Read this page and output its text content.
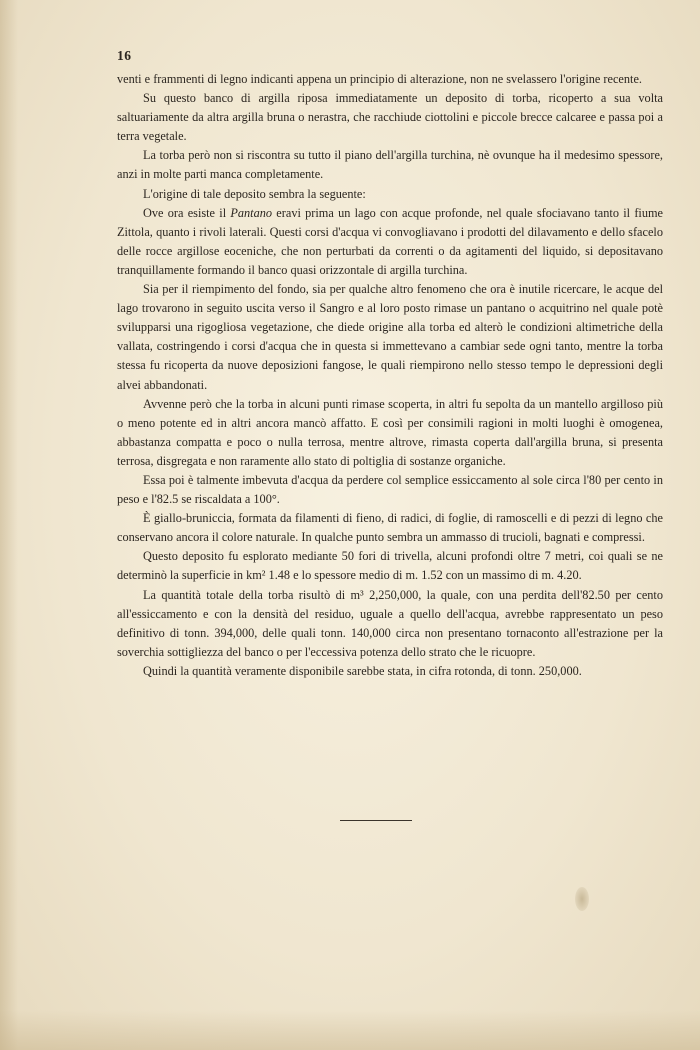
16

venti e frammenti di legno indicanti appena un principio di alterazione, non ne svelassero l'origine recente.

Su questo banco di argilla riposa immediatamente un deposito di torba, ricoperto a sua volta saltuariamente da altra argilla bruna o nerastra, che racchiude ciottolini e piccole brecce calcaree e passa poi a terra vegetale.

La torba però non si riscontra su tutto il piano dell'argilla turchina, nè ovunque ha il medesimo spessore, anzi in molte parti manca completamente.

L'origine di tale deposito sembra la seguente:

Ove ora esiste il Pantano eravi prima un lago con acque profonde, nel quale sfociavano tanto il fiume Zittola, quanto i rivoli laterali. Questi corsi d'acqua vi convogliavano i prodotti del dilavamento e dello sfacelo delle rocce argillose eoceniche, che non perturbati da correnti o da agitamenti del liquido, si depositavano tranquillamente formando il banco quasi orizzontale di argilla turchina.

Sia per il riempimento del fondo, sia per qualche altro fenomeno che ora è inutile ricercare, le acque del lago trovarono in seguito uscita verso il Sangro e al loro posto rimase un pantano o acquitrino nel quale potè svilupparsi una rigogliosa vegetazione, che diede origine alla torba ed alterò le condizioni altimetriche della vallata, costringendo i corsi d'acqua che in questa si immettevano a cambiar sede ogni tanto, mentre la torba stessa fu ricoperta da nuove deposizioni fangose, le quali riempirono nello stesso tempo le depressioni degli alvei abbandonati.

Avvenne però che la torba in alcuni punti rimase scoperta, in altri fu sepolta da un mantello argilloso più o meno potente ed in altri ancora mancò affatto. E così per consimili ragioni in molti luoghi è omogenea, abbastanza compatta e poco o nulla terrosa, mentre altrove, rimasta coperta dall'argilla bruna, si presenta terrosa, disgregata e non raramente allo stato di poltiglia di sostanze organiche.

Essa poi è talmente imbevuta d'acqua da perdere col semplice essiccamento al sole circa l'80 per cento in peso e l'82.5 se riscaldata a 100°.

È giallo-bruniccia, formata da filamenti di fieno, di radici, di foglie, di ramoscelli e di pezzi di legno che conservano ancora il colore naturale. In qualche punto sembra un ammasso di trucioli, bagnati e compressi.

Questo deposito fu esplorato mediante 50 fori di trivella, alcuni profondi oltre 7 metri, coi quali se ne determinò la superficie in km² 1.48 e lo spessore medio di m. 1.52 con un massimo di m. 4.20.

La quantità totale della torba risultò di m³ 2,250,000, la quale, con una perdita dell'82.50 per cento all'essiccamento e con la densità del residuo, uguale a quello dell'acqua, avrebbe rappresentato un peso definitivo di tonn. 394,000, delle quali tonn. 140,000 circa non presentano tornaconto all'estrazione per la soverchia sottigliezza del banco o per l'eccessiva potenza dello strato che le ricuopre.

Quindi la quantità veramente disponibile sarebbe stata, in cifra rotonda, di tonn. 250,000.
